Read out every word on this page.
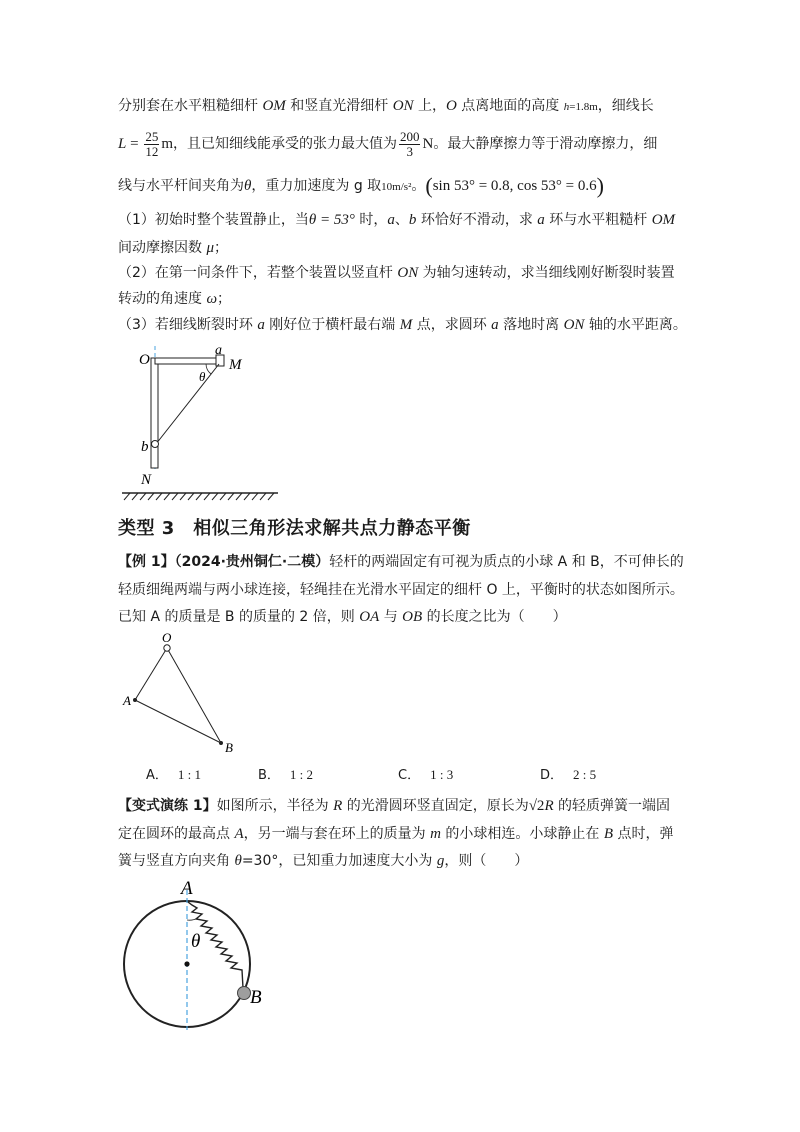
分别套在水平粗糙细杆 OM 和竖直光滑细杆 ON 上，O 点离地面的高度 h=1.8m，细线长
$L = \frac{25}{12}$ m，且已知细线能承受的张力最大值为 $\frac{200}{3}$ N。最大静摩擦力等于滑动摩擦力，细
线与水平杆间夹角为θ，重力加速度为 g 取10m/s²。(sin 53° = 0.8, cos 53° = 0.6)
（1）初始时整个装置静止，当θ = 53° 时，a、b 环恰好不滑动，求 a 环与水平粗糙杆 OM
间动摩擦因数 μ；
（2）在第一问条件下，若整个装置以竖直杆 ON 为轴匀速转动，求当细线刚好断裂时装置
转动的角速度 ω；
（3）若细线断裂时环 a 刚好位于横杆最右端 M 点，求圆环 a 落地时离 ON 轴的水平距离。
O
a
M
θ
b
N
类型 3　相似三角形法求解共点力静态平衡
【例 1】（2024·贵州铜仁·二模）轻杆的两端固定有可视为质点的小球 A 和 B，不可伸长的
轻质细绳两端与两小球连接，轻绳挂在光滑水平固定的细杆 O 上，平衡时的状态如图所示。
已知 A 的质量是 B 的质量的 2 倍，则 OA 与 OB 的长度之比为（　　）
O
A
B
A． 1 : 1	B． 1 : 2	C． 1 : 3	D． 2 : 5
【变式演练 1】如图所示，半径为 R 的光滑圆环竖直固定，原长为√2R 的轻质弹簧一端固
定在圆环的最高点 A，另一端与套在环上的质量为 m 的小球相连。小球静止在 B 点时，弹
簧与竖直方向夹角 θ=30°，已知重力加速度大小为 g，则（　　）
A
θ
B
